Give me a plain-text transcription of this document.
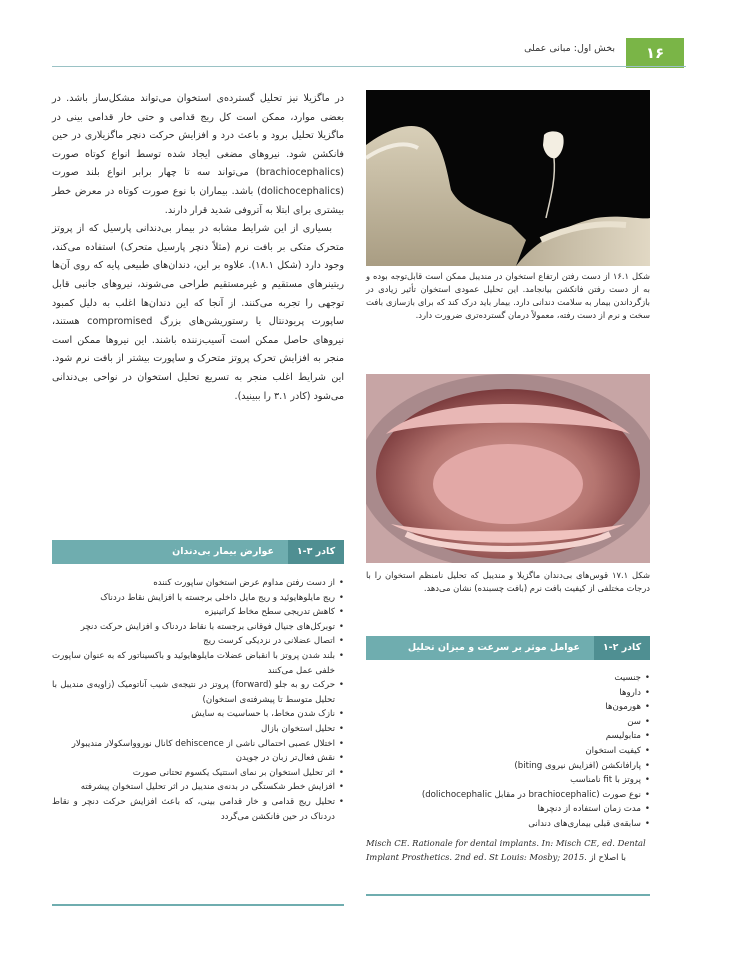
۱۶
بخش اول: مبانی عملی

در ماگزیلا نیز تحلیل گسترده‌ی استخوان می‌تواند مشکل‌ساز باشد. در بعضی موارد، ممکن است کل ریج قدامی و حتی خار قدامی بینی در ماگزیلا تحلیل برود و باعث درد و افزایش حرکت دنچر ماگزیلاری در حین فانکشن شود. نیروهای مضغی ایجاد شده توسط انواع کوتاه صورت (brachiocephalics) می‌تواند سه تا چهار برابر انواع بلند صورت (dolichocephalics) باشد. بیماران با نوع صورت کوتاه در معرض خطر بیشتری برای ابتلا به آتروفی شدید قرار دارند.

بسیاری از این شرایط مشابه در بیمار بی‌دندانی پارسیل که از پروتز متحرک متکی بر بافت نرم (مثلاً دنچر پارسیل متحرک) استفاده می‌کند، وجود دارد (شکل ۱۸.۱). علاوه بر این، دندان‌های طبیعی پایه که روی آن‌ها ریتینرهای مستقیم و غیرمستقیم طراحی می‌شوند، نیروهای جانبی قابل توجهی را تجربه می‌کنند. از آنجا که این دندان‌ها اغلب به دلیل کمبود ساپورت پریودنتال یا رستوریشن‌های بزرگ compromised هستند، نیروهای حاصل ممکن است آسیب‌زننده باشند. این نیروها ممکن است منجر به افزایش تحرک پروتز متحرک و ساپورت بیشتر از بافت نرم شود. این شرایط اغلب منجر به تسریع تحلیل استخوان در نواحی بی‌دندانی می‌شود (کادر ۳.۱ را ببینید).

شکل ۱۶.۱ از دست رفتن ارتفاع استخوان در مندیبل ممکن است قابل‌توجه بوده و به از دست رفتن فانکشن بیانجامد. این تحلیل عمودی استخوان تأثیر زیادی در بازگرداندن بیمار به سلامت دندانی دارد. بیمار باید درک کند که برای بازسازی بافت سخت و نرم از دست رفته، معمولاً درمان گسترده‌تری ضرورت دارد.
شکل ۱۷.۱ قوس‌های بی‌دندان ماگزیلا و مندیبل که تحلیل نامنظم استخوان را با درجات مختلفی از کیفیت بافت نرم (بافت چسبنده) نشان می‌دهد.
کادر ۳-۱
عوارض بیمار بی‌دندان
• از دست رفتن مداوم عرض استخوان ساپورت کننده
• ریج مایلوهایوئید و ریج مایل داخلی برجسته با افزایش نقاط دردناک
• کاهش تدریجی سطح مخاط کراتینیزه
• توبرکل‌های جنیال فوقانی برجسته با نقاط دردناک و افزایش حرکت دنچر
• اتصال عضلانی در نزدیکی کرست ریج
• بلند شدن پروتز با انقباض عضلات مایلوهایوئید و باکسیناتور که به عنوان ساپورت خلفی عمل می‌کنند
• حرکت رو به جلو (forward) پروتز در نتیجه‌ی شیب آناتومیک (زاویه‌ی مندیبل با تحلیل متوسط تا پیشرفته‌ی استخوان)
• نازک شدن مخاط، با حساسیت به سایش
• تحلیل استخوان بازال
• اختلال عصبی احتمالی ناشی از dehiscence کانال نوروواسکولار مندیبولار
• نقش فعال‌تر زبان در جویدن
• اثر تحلیل استخوان بر نمای استتیک یکسوم تحتانی صورت
• افزایش خطر شکستگی در بدنه‌ی مندیبل در اثر تحلیل استخوان پیشرفته
• تحلیل ریج قدامی و خار قدامی بینی، که باعث افزایش حرکت دنچر و نقاط دردناک در حین فانکشن می‌گردد
کادر ۲-۱
عوامل موثر بر سرعت و میزان تحلیل استخوان
• جنسیت
• داروها
• هورمون‌ها
• سن
• متابولیسم
• کیفیت استخوان
• پارافانکشن (افزایش نیروی biting)
• پروتز با fit نامناسب
• نوع صورت (brachiocephalic در مقابل dolichocephalic)
• مدت زمان استفاده از دنچرها
• سابقه‌ی قبلی بیماری‌های دندانی
Misch CE. Rationale for dental implants. In: Misch CE, ed. Dental Implant Prosthetics. 2nd ed. St Louis: Mosby; 2015. با اصلاح از
